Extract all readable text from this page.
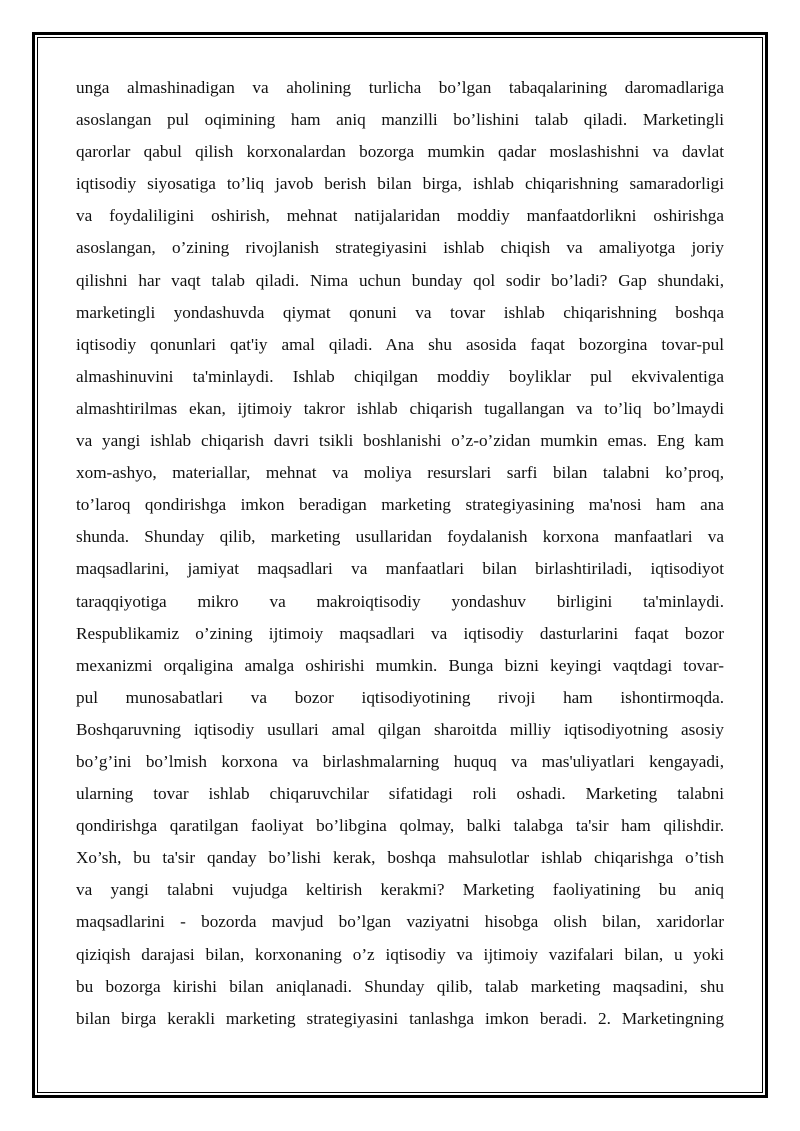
unga almashinadigan va aholining turlicha bo’lgan tabaqalarining daromadlariga
asoslangan pul oqimining ham aniq manzilli bo’lishini talab qiladi. Marketingli
qarorlar qabul qilish korxonalardan bozorga mumkin qadar moslashishni va davlat
iqtisodiy siyosatiga to’liq javob berish bilan birga, ishlab chiqarishning samaradorligi
va foydaliligini oshirish, mehnat natijalaridan moddiy manfaatdorlikni oshirishga
asoslangan, o’zining rivojlanish strategiyasini ishlab chiqish va amaliyotga joriy
qilishni har vaqt talab qiladi. Nima uchun bunday qol sodir bo’ladi? Gap shundaki,
marketingli yondashuvda qiymat qonuni va tovar ishlab chiqarishning boshqa
iqtisodiy qonunlari qat'iy amal qiladi. Ana shu asosida faqat bozorgina tovar-pul
almashinuvini ta'minlaydi. Ishlab chiqilgan moddiy boyliklar pul ekvivalentiga
almashtirilmas ekan, ijtimoiy takror ishlab chiqarish tugallangan va to’liq bo’lmaydi
va yangi ishlab chiqarish davri tsikli boshlanishi o’z-o’zidan mumkin emas. Eng kam
xom-ashyo, materiallar, mehnat va moliya resurslari sarfi bilan talabni ko’proq,
to’laroq qondirishga imkon beradigan marketing strategiyasining ma'nosi ham ana
shunda. Shunday qilib, marketing usullaridan foydalanish korxona manfaatlari va
maqsadlarini, jamiyat maqsadlari va manfaatlari bilan birlashtiriladi, iqtisodiyot
taraqqiyotiga mikro va makroiqtisodiy yondashuv birligini ta'minlaydi.
Respublikamiz o’zining ijtimoiy maqsadlari va iqtisodiy dasturlarini faqat bozor
mexanizmi orqaligina amalga oshirishi mumkin. Bunga bizni keyingi vaqtdagi tovar-
pul munosabatlari va bozor iqtisodiyotining rivoji ham ishontirmoqda.
Boshqaruvning iqtisodiy usullari amal qilgan sharoitda milliy iqtisodiyotning asosiy
bo’g’ini bo’lmish korxona va birlashmalarning huquq va mas'uliyatlari kengayadi,
ularning tovar ishlab chiqaruvchilar sifatidagi roli oshadi. Marketing talabni
qondirishga qaratilgan faoliyat bo’libgina qolmay, balki talabga ta'sir ham qilishdir.
Xo’sh, bu ta'sir qanday bo’lishi kerak, boshqa mahsulotlar ishlab chiqarishga o’tish
va yangi talabni vujudga keltirish kerakmi? Marketing faoliyatining bu aniq
maqsadlarini - bozorda mavjud bo’lgan vaziyatni hisobga olish bilan, xaridorlar
qiziqish darajasi bilan, korxonaning o’z iqtisodiy va ijtimoiy vazifalari bilan, u yoki
bu bozorga kirishi bilan aniqlanadi. Shunday qilib, talab marketing maqsadini, shu
bilan birga kerakli marketing strategiyasini tanlashga imkon beradi. 2. Marketingning
